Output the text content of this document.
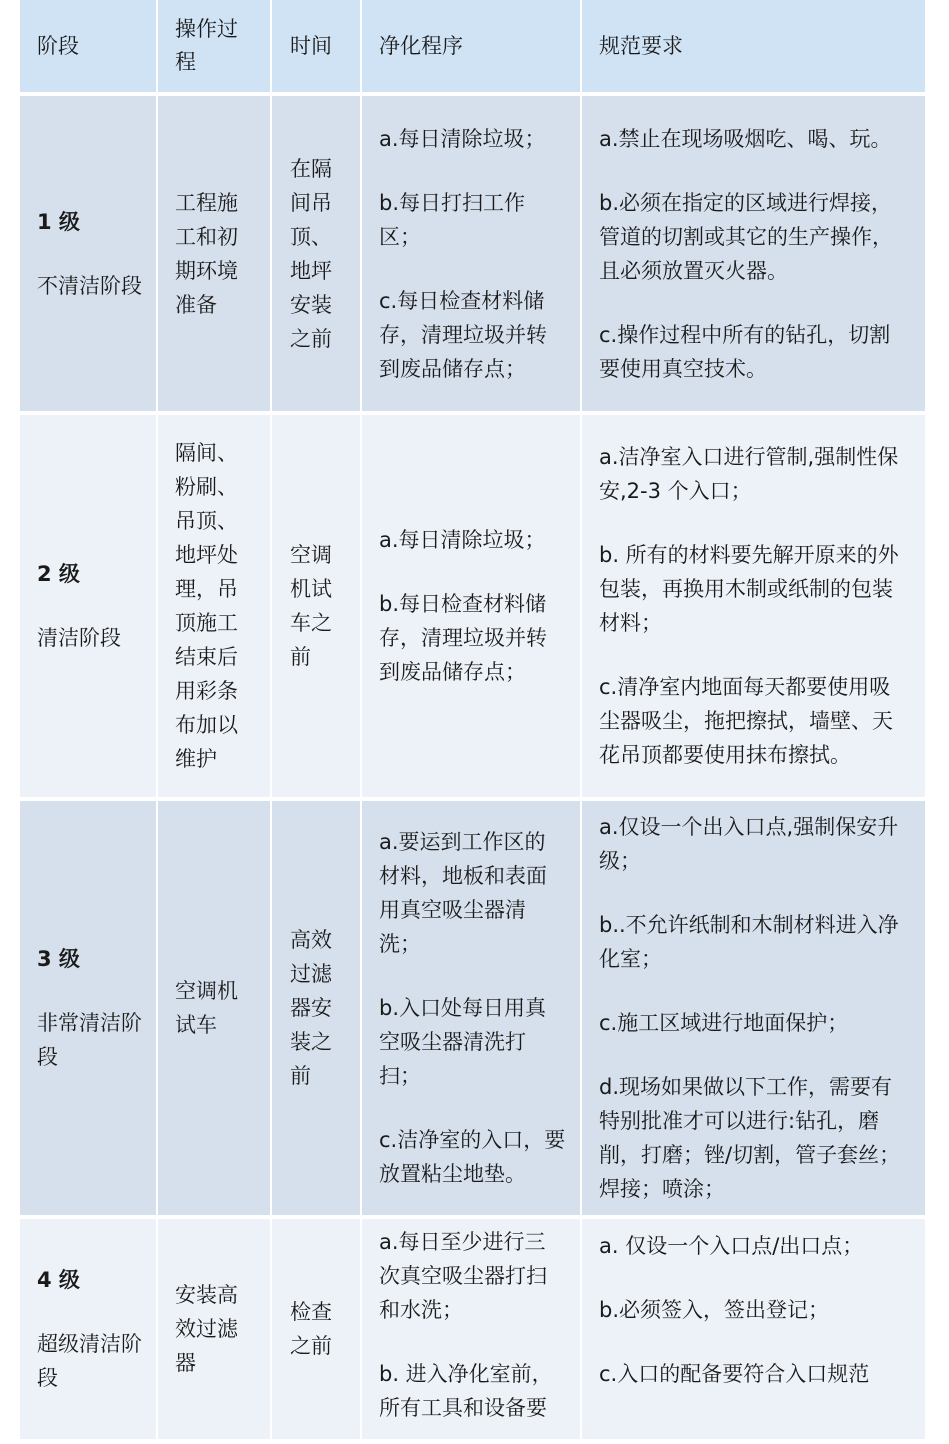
阶段
操作过程
时间	净化程序	规范要求
1 级
不清洁阶段
工程施工和初期环境准备
在隔间吊顶、地坪安装之前

a.每日清除垃圾；

b.每日打扫工作区；

c.每日检查材料储存，清理垃圾并转到废品储存点；

a.禁止在现场吸烟吃、喝、玩。

b.必须在指定的区域进行焊接，管道的切割或其它的生产操作，且必须放置灭火器。

c.操作过程中所有的钻孔，切割要使用真空技术。

2 级
清洁阶段
隔间、粉刷、吊顶、地坪处理，吊顶施工结束后用彩条布加以维护
空调机试车之前

a.每日清除垃圾；

b.每日检查材料储存，清理垃圾并转到废品储存点；

a.洁净室入口进行管制,强制性保安,2-3 个入口；

b. 所有的材料要先解开原来的外包装，再换用木制或纸制的包装材料；

c.清净室内地面每天都要使用吸尘器吸尘，拖把擦拭，墙壁、天花吊顶都要使用抹布擦拭。

3 级
非常清洁阶段
空调机试车
高效过滤器安装之前

a.要运到工作区的材料，地板和表面用真空吸尘器清洗；

b.入口处每日用真空吸尘器清洗打扫；

c.洁净室的入口，要放置粘尘地垫。

a.仅设一个出入口点,强制保安升级；

b..不允许纸制和木制材料进入净化室；

c.施工区域进行地面保护；

d.现场如果做以下工作，需要有特别批准才可以进行:钻孔，磨削，打磨；锉/切割，管子套丝；焊接；喷涂；

4 级
超级清洁阶段
安装高效过滤器
检查之前

a.每日至少进行三次真空吸尘器打扫和水洗；

b. 进入净化室前，所有工具和设备要

a. 仅设一个入口点/出口点；

b.必须签入，签出登记；

c.入口的配备要符合入口规范
